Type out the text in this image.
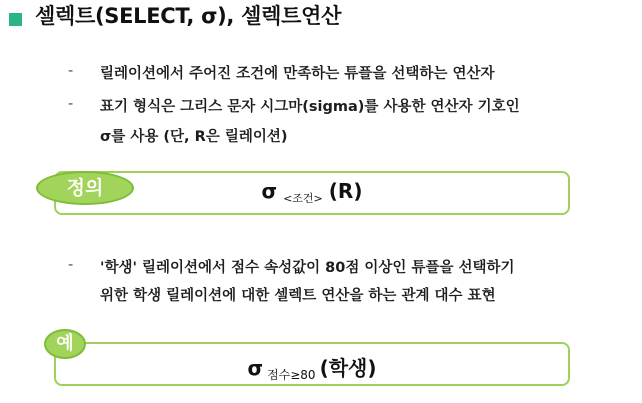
셀렉트(SELECT, σ), 셀렉트연산
-	릴레이션에서 주어진 조건에 만족하는 튜플을 선택하는 연산자
-	표기 형식은 그리스 문자 시그마(sigma)를 사용한 연산자 기호인
σ를 사용 (단, R은 릴레이션)
정의	σ $_{<조건>}$ (R)
-	'학생' 릴레이션에서 점수 속성값이 80점 이상인 튜플을 선택하기
위한 학생 릴레이션에 대한 셀렉트 연산을 하는 관계 대수 표현
예
σ $_{점수\ge 80}$ (학생)
